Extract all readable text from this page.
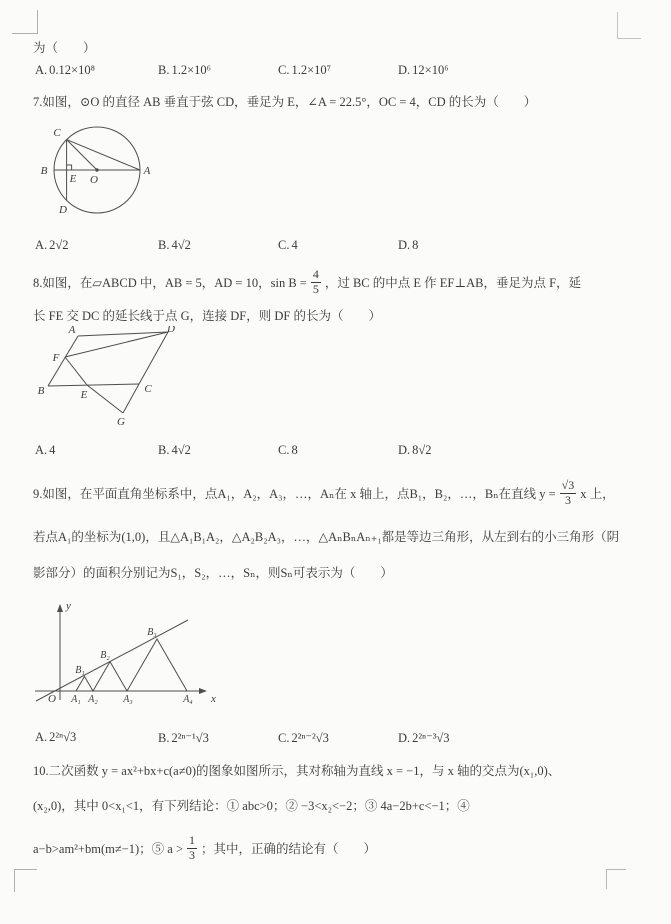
为（　　）
A. 0.12×10⁸	B. 1.2×10⁶	C. 1.2×10⁷	D. 12×10⁶
7.如图，⊙O 的直径 AB 垂直于弦 CD，垂足为 E，∠A = 22.5°，OC = 4，CD 的长为（　　）
C
B
E O
A
D
A. 2√2	B. 4√2	C. 4	D. 8
8.如图，在▱ABCD 中，AB = 5，AD = 10，$\sin B = \frac{4}{5}$ ，过 BC 的中点 E 作 EF⊥AB，垂足为点 F，延
长 FE 交 DC 的延长线于点 G，连接 DF，则 DF 的长为（　　）
A	D
B	C
E
F
G
A. 4	B. 4√2	C. 8	D. 8√2
9.如图，在平面直角坐标系中，点A₁，A₂，A₃，…，Aₙ在 x 轴上，点B₁，B₂，…，Bₙ在直线 $y = \frac{√3}{3}$ x 上，
若点A₁的坐标为(1,0)，且△A₁B₁A₂，△A₂B₂A₃，…，△AₙBₙAₙ₊₁都是等边三角形，从左到右的小三角形（阴
影部分）的面积分别记为S₁，S₂，…，Sₙ，则Sₙ可表示为（　　）
y
x
O A₁ A₂	A₃	A₄
B₁
B₂
B₃
A. 2²ⁿ√3	B. 2²ⁿ⁻¹√3	C. 2²ⁿ⁻²√3	D. 2²ⁿ⁻³√3
10.二次函数 y = ax²+bx+c(a≠0)的图象如图所示，其对称轴为直线 x = −1，与 x 轴的交点为(x₁,0)、
(x₂,0)，其中 0<x₁<1，有下列结论：① abc>0；② −3<x₂<−2；③ 4a−2b+c<−1；④
a−b>am²+bm(m≠−1)；⑤ $a > \frac{1}{3}$ ；其中，正确的结论有（　　）
